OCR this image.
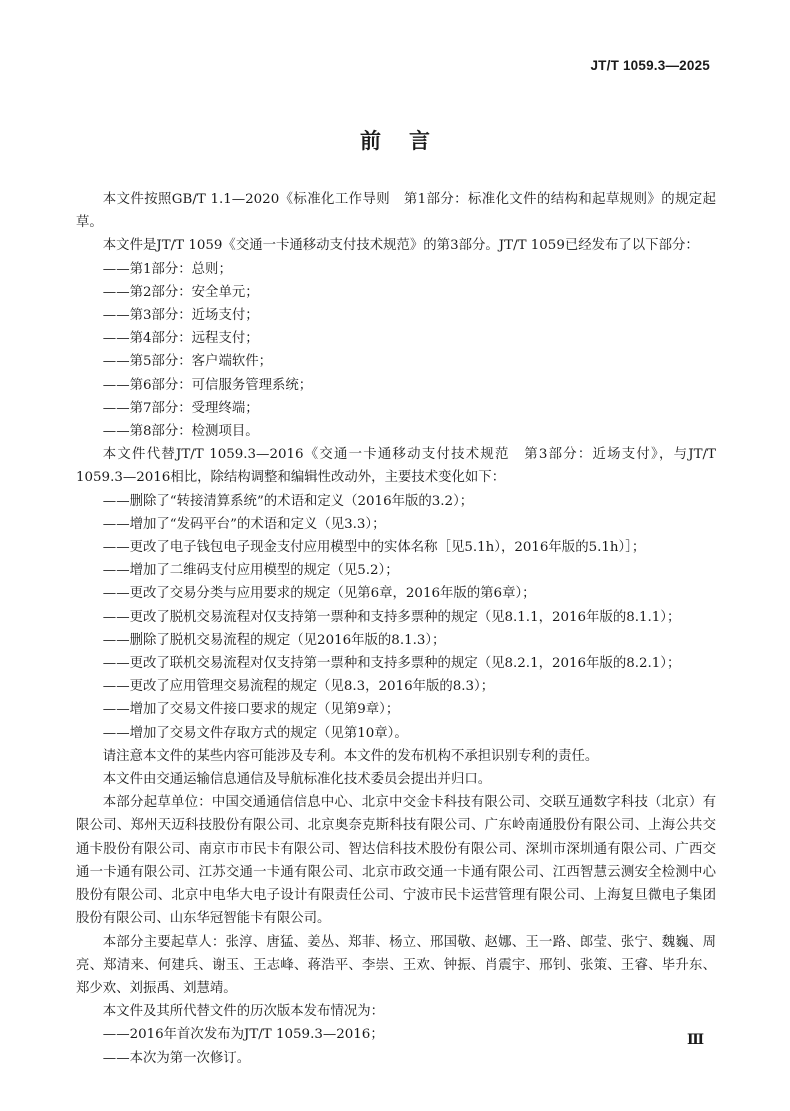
JT/T 1059.3—2025
前言

本文件按照GB/T 1.1—2020《标准化工作导则　第1部分：标准化文件的结构和起草规则》的规定起草。

本文件是JT/T 1059《交通一卡通移动支付技术规范》的第3部分。JT/T 1059已经发布了以下部分：

——第1部分：总则；

——第2部分：安全单元；

——第3部分：近场支付；

——第4部分：远程支付；

——第5部分：客户端软件；

——第6部分：可信服务管理系统；

——第7部分：受理终端；

——第8部分：检测项目。

本文件代替JT/T 1059.3—2016《交通一卡通移动支付技术规范　第3部分：近场支付》，与JT/T 1059.3—2016相比，除结构调整和编辑性改动外，主要技术变化如下：

——删除了“转接清算系统”的术语和定义（2016年版的3.2）；

——增加了“发码平台”的术语和定义（见3.3）；

——更改了电子钱包电子现金支付应用模型中的实体名称［见5.1h），2016年版的5.1h）］；

——增加了二维码支付应用模型的规定（见5.2）；

——更改了交易分类与应用要求的规定（见第6章，2016年版的第6章）；

——更改了脱机交易流程对仅支持第一票种和支持多票种的规定（见8.1.1，2016年版的8.1.1）；

——删除了脱机交易流程的规定（见2016年版的8.1.3）；

——更改了联机交易流程对仅支持第一票种和支持多票种的规定（见8.2.1，2016年版的8.2.1）；

——更改了应用管理交易流程的规定（见8.3，2016年版的8.3）；

——增加了交易文件接口要求的规定（见第9章）；

——增加了交易文件存取方式的规定（见第10章）。

请注意本文件的某些内容可能涉及专利。本文件的发布机构不承担识别专利的责任。

本文件由交通运输信息通信及导航标准化技术委员会提出并归口。

本部分起草单位：中国交通通信信息中心、北京中交金卡科技有限公司、交联互通数字科技（北京）有限公司、郑州天迈科技股份有限公司、北京奥奈克斯科技有限公司、广东岭南通股份有限公司、上海公共交通卡股份有限公司、南京市市民卡有限公司、智达信科技术股份有限公司、深圳市深圳通有限公司、广西交通一卡通有限公司、江苏交通一卡通有限公司、北京市政交通一卡通有限公司、江西智慧云测安全检测中心股份有限公司、北京中电华大电子设计有限责任公司、宁波市民卡运营管理有限公司、上海复旦微电子集团股份有限公司、山东华冠智能卡有限公司。

本部分主要起草人：张淳、唐猛、姜丛、郑菲、杨立、邢国敬、赵娜、王一路、郎莹、张宁、魏巍、周亮、郑清来、何建兵、谢玉、王志峰、蒋浩平、李崇、王欢、钟振、肖震宇、邢钊、张策、王睿、毕升东、郑少欢、刘振禹、刘慧靖。

本文件及其所代替文件的历次版本发布情况为：

——2016年首次发布为JT/T 1059.3—2016；

——本次为第一次修订。

Ⅲ
